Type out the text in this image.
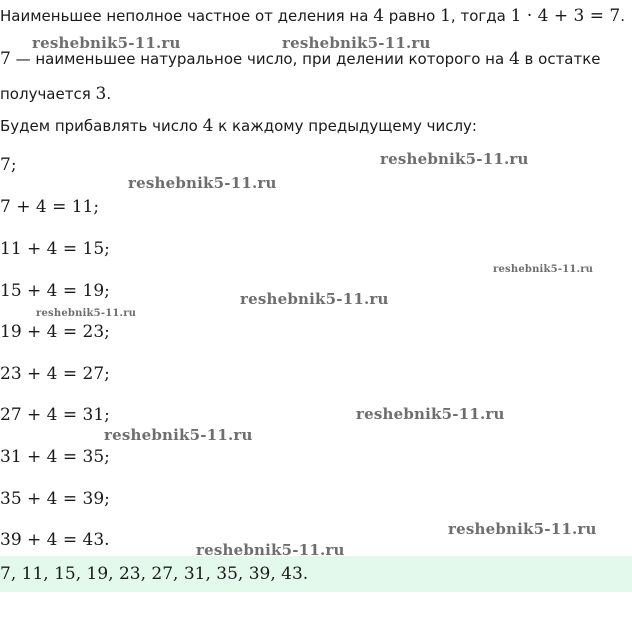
Наименьшее неполное частное от деления на 4 равно 1, тогда 1 · 4 + 3 = 7.
7 — наименьшее натуральное число, при делении которого на 4 в остатке
получается 3.
Будем прибавлять число 4 к каждому предыдущему числу:
7;
7 + 4 = 11;
11 + 4 = 15;
15 + 4 = 19;
19 + 4 = 23;
23 + 4 = 27;
27 + 4 = 31;
31 + 4 = 35;
35 + 4 = 39;
39 + 4 = 43.
7, 11, 15, 19, 23, 27, 31, 35, 39, 43.
reshebnik5-11.ru	reshebnik5-11.ru
reshebnik5-11.ru
reshebnik5-11.ru
reshebnik5-11.ru
reshebnik5-11.ru
reshebnik5-11.ru
reshebnik5-11.ru
reshebnik5-11.ru
reshebnik5-11.ru
reshebnik5-11.ru
